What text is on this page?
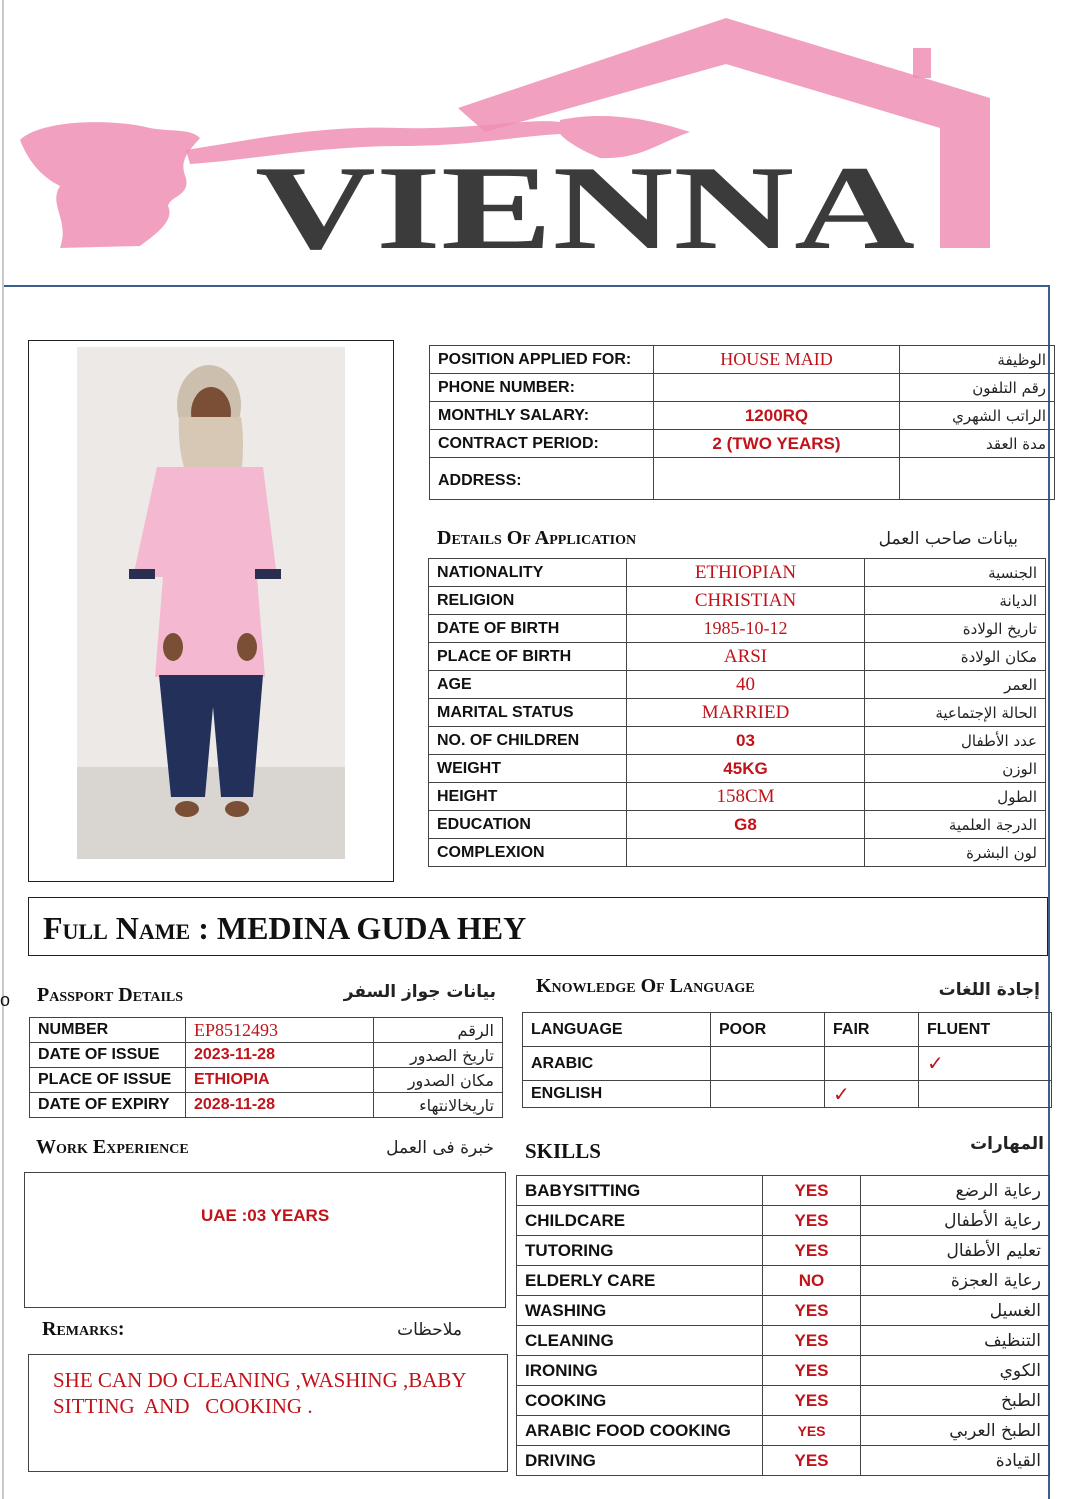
VIENNA
POSITION APPLIED FOR:	HOUSE MAID	الوظيفة
PHONE NUMBER:		رقم التلفون
MONTHLY SALARY:	1200RQ	الراتب الشهري
CONTRACT PERIOD:	2 (TWO YEARS)	مدة العقد
ADDRESS:		
Details Of Application	بيانات صاحب العمل
NATIONALITY	ETHIOPIAN	الجنسية
RELIGION	CHRISTIAN	الديانة
DATE OF BIRTH	1985-10-12	تاريخ الولادة
PLACE OF BIRTH	ARSI	مكان الولادة
AGE	40	العمر
MARITAL STATUS	MARRIED	الحالة الإجتماعية
NO. OF CHILDREN	03	عدد الأطفال
WEIGHT	45KG	الوزن
HEIGHT	158CM	الطول
EDUCATION	G8	الدرجة العلمية
COMPLEXION		لون البشرة
Full Name : MEDINA GUDA HEY
o Passport Details	بيانات جواز السفر
NUMBER	EP8512493	الرقم
DATE OF ISSUE	2023-11-28	تاريخ الصدور
PLACE OF ISSUE	ETHIOPIA	مكان الصدور
DATE OF EXPIRY	2028-11-28	تاريخالانتهاء
Knowledge Of Language	إجادة اللغات
LANGUAGE	POOR	FAIR	FLUENT
ARABIC			✓
ENGLISH		✓	
Work Experience	خبرة فى العمل
UAE :03 YEARS
Remarks:	ملاحظات
SHE CAN DO CLEANING ,WASHING ,BABY
SITTING  AND   COOKING .
SKILLS	المهارات
BABYSITTING	YES	رعاية الرضع
CHILDCARE	YES	رعاية الأطفال
TUTORING	YES	تعليم الأطفال
ELDERLY CARE	NO	رعاية العجزة
WASHING	YES	الغسيل
CLEANING	YES	التنظيف
IRONING	YES	الكوي
COOKING	YES	الطبخ
ARABIC FOOD COOKING	YES	الطبخ العربي
DRIVING	YES	القيادة
